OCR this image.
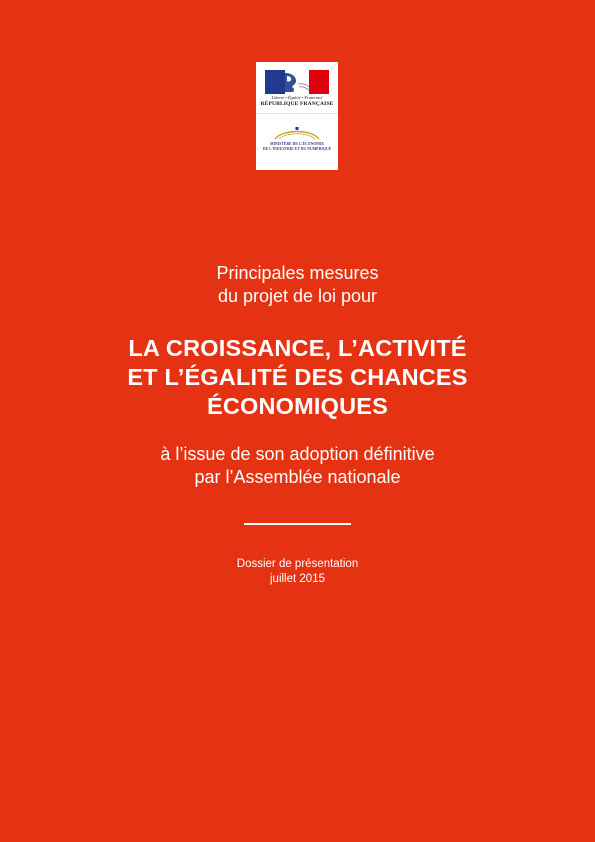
Liberté • Égalité • Fraternité
RÉPUBLIQUE FRANÇAISE
MINISTÈRE DE L'ÉCONOMIE
DE L'INDUSTRIE ET DU NUMÉRIQUE
Principales mesures
du projet de loi pour
LA CROISSANCE, L’ACTIVITÉ
ET L’ÉGALITÉ DES CHANCES
ÉCONOMIQUES
à l’issue de son adoption définitive
par l’Assemblée nationale
Dossier de présentation
juillet 2015
